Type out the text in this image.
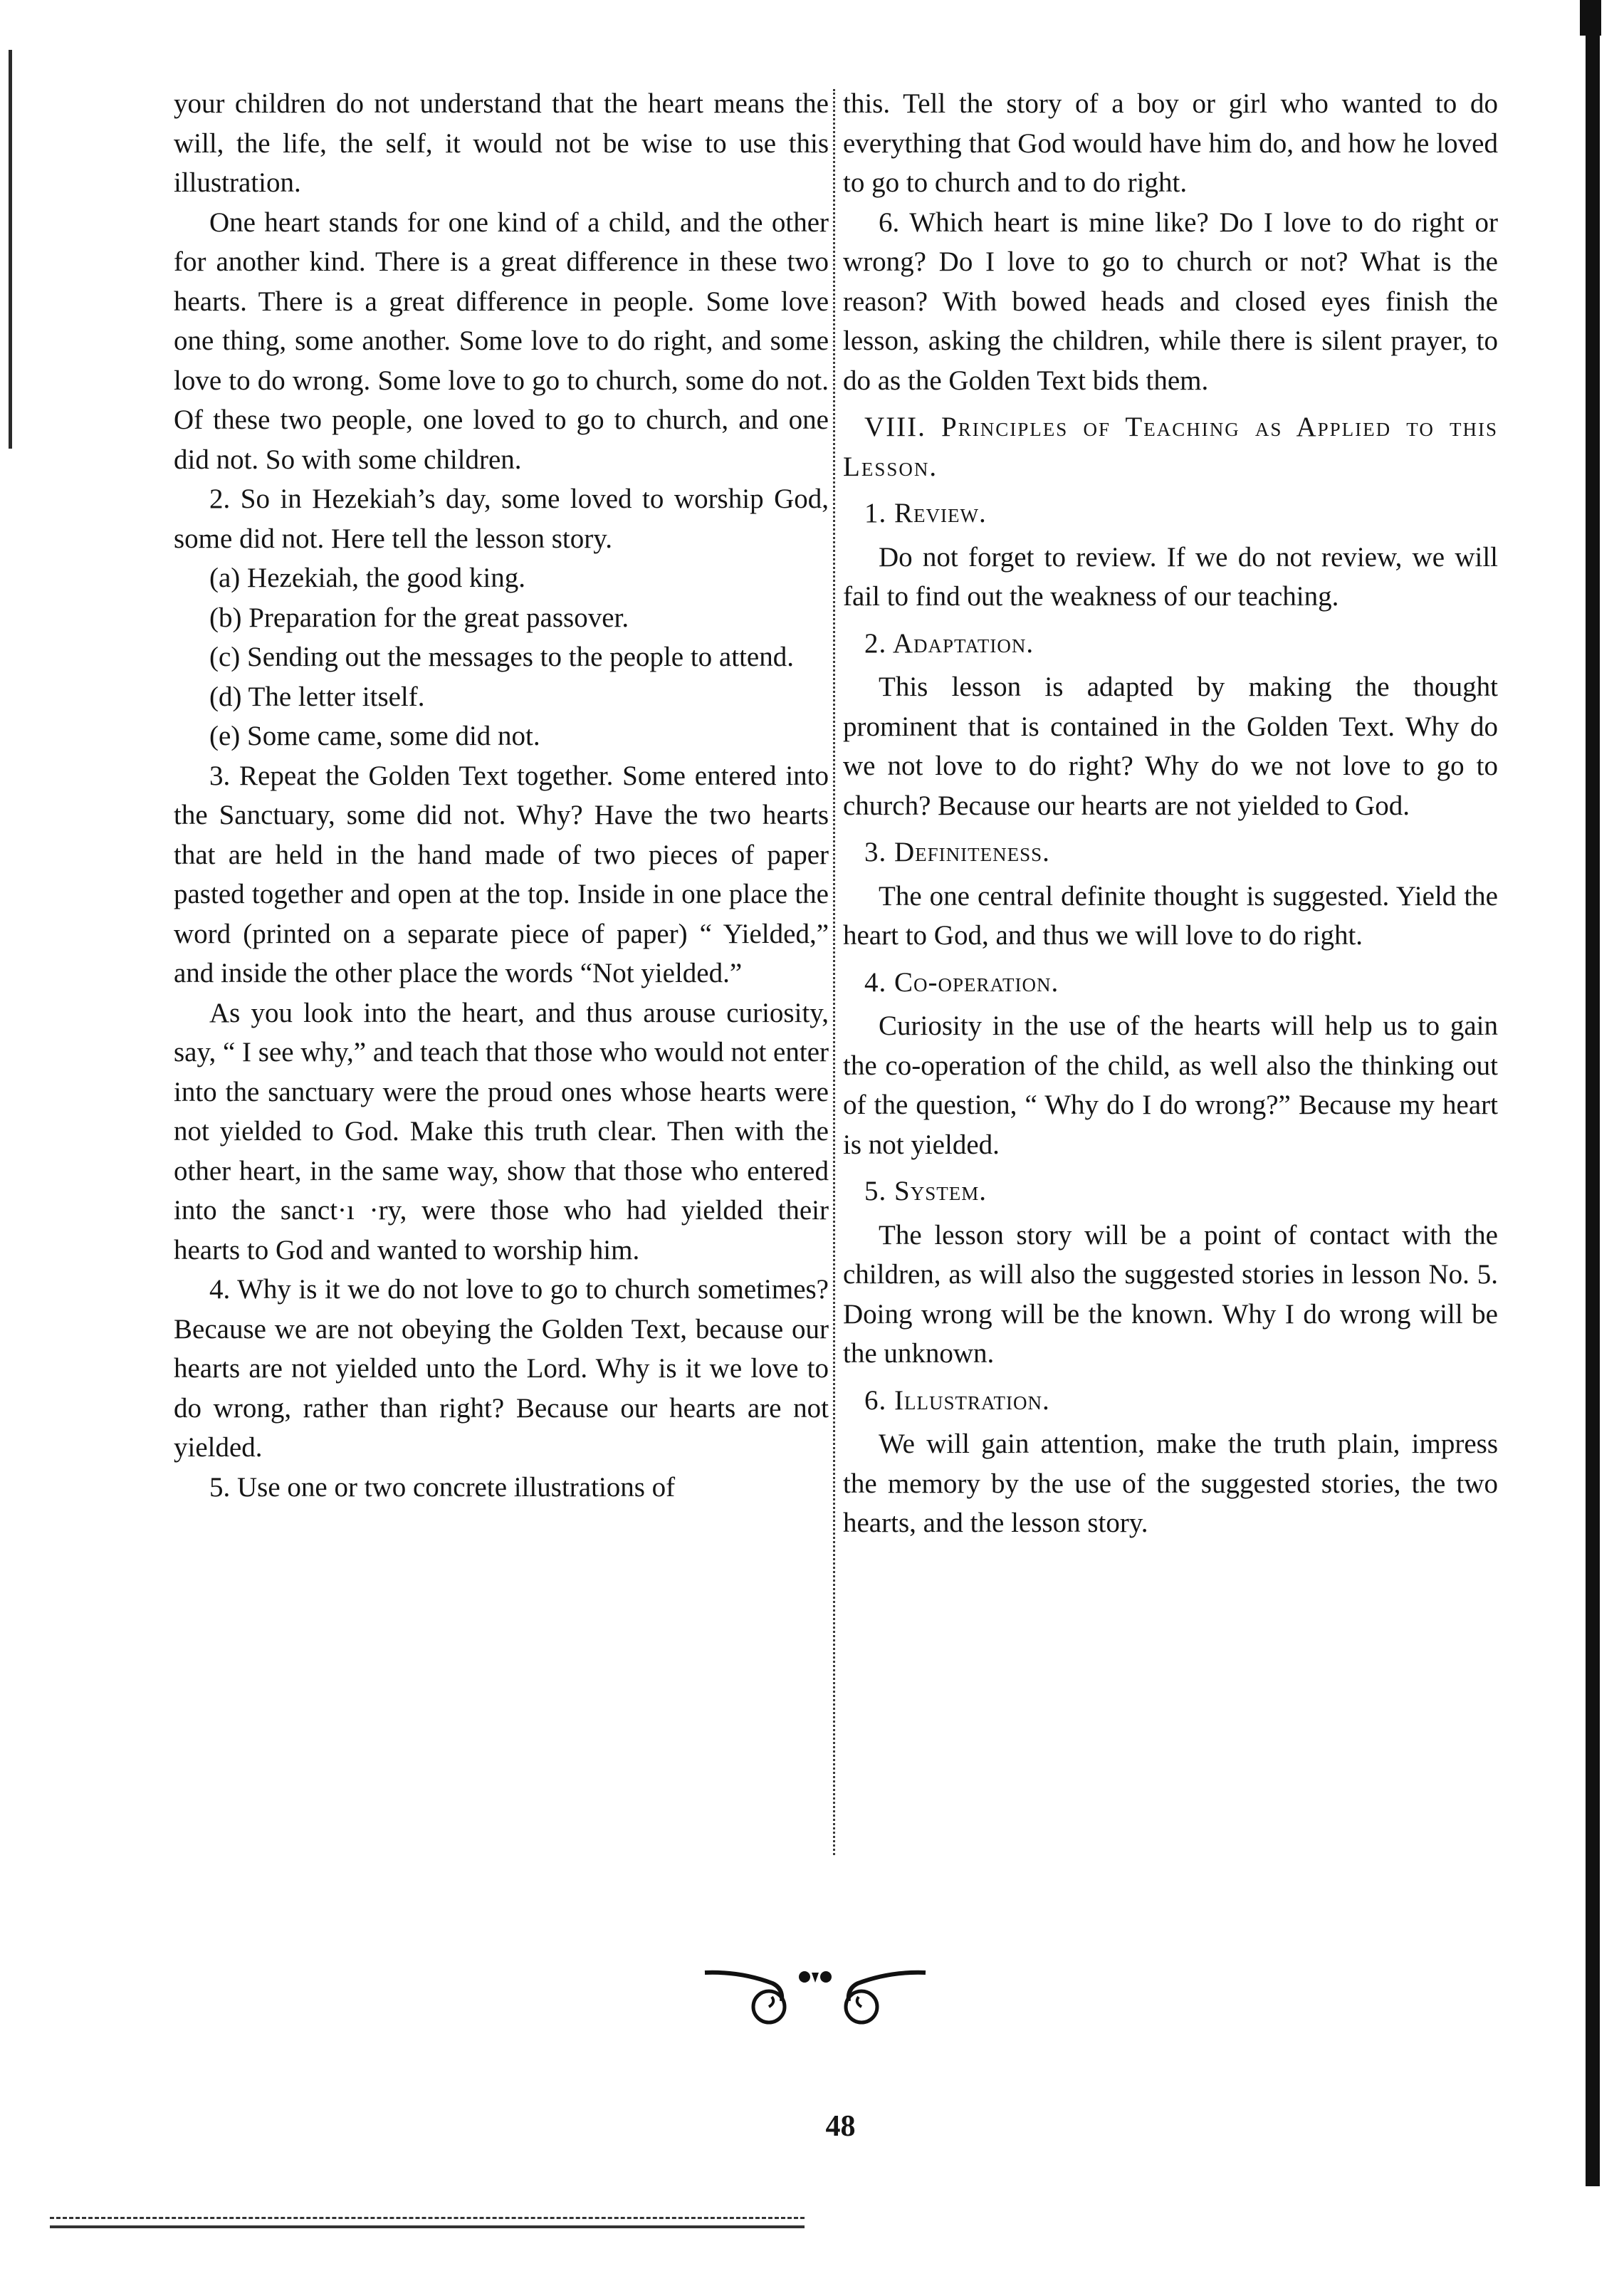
your children do not understand that the heart means the will, the life, the self, it would not be wise to use this illustration.

One heart stands for one kind of a child, and the other for another kind. There is a great difference in these two hearts. There is a great difference in people. Some love one thing, some another. Some love to do right, and some love to do wrong. Some love to go to church, some do not. Of these two people, one loved to go to church, and one did not. So with some children.

2. So in Hezekiah’s day, some loved to worship God, some did not. Here tell the lesson story.

(a) Hezekiah, the good king.

(b) Preparation for the great passover.

(c) Sending out the messages to the people to attend.

(d) The letter itself.

(e) Some came, some did not.

3. Repeat the Golden Text together. Some entered into the Sanctuary, some did not. Why? Have the two hearts that are held in the hand made of two pieces of paper pasted together and open at the top. Inside in one place the word (printed on a separate piece of paper) “ Yielded,” and inside the other place the words “Not yielded.”

As you look into the heart, and thus arouse curiosity, say, “ I see why,” and teach that those who would not enter into the sanctuary were the proud ones whose hearts were not yielded to God. Make this truth clear. Then with the other heart, in the same way, show that those who entered into the sanct·ı ·ry, were those who had yielded their hearts to God and wanted to worship him.

4. Why is it we do not love to go to church sometimes? Because we are not obeying the Golden Text, because our hearts are not yielded unto the Lord. Why is it we love to do wrong, rather than right? Because our hearts are not yielded.

5. Use one or two concrete illustrations of

this. Tell the story of a boy or girl who wanted to do everything that God would have him do, and how he loved to go to church and to do right.

6. Which heart is mine like? Do I love to do right or wrong? Do I love to go to church or not? What is the reason? With bowed heads and closed eyes finish the lesson, asking the children, while there is silent prayer, to do as the Golden Text bids them.

VIII. Principles of Teaching as Applied to this Lesson.

1. Review.

Do not forget to review. If we do not review, we will fail to find out the weakness of our teaching.

2. Adaptation.

This lesson is adapted by making the thought prominent that is contained in the Golden Text. Why do we not love to do right? Why do we not love to go to church? Because our hearts are not yielded to God.

3. Definiteness.

The one central definite thought is suggested. Yield the heart to God, and thus we will love to do right.

4. Co-operation.

Curiosity in the use of the hearts will help us to gain the co-operation of the child, as well also the thinking out of the question, “ Why do I do wrong?” Because my heart is not yielded.

5. System.

The lesson story will be a point of contact with the children, as will also the suggested stories in lesson No. 5. Doing wrong will be the known. Why I do wrong will be the unknown.

6. Illustration.

We will gain attention, make the truth plain, impress the memory by the use of the suggested stories, the two hearts, and the lesson story.

48
